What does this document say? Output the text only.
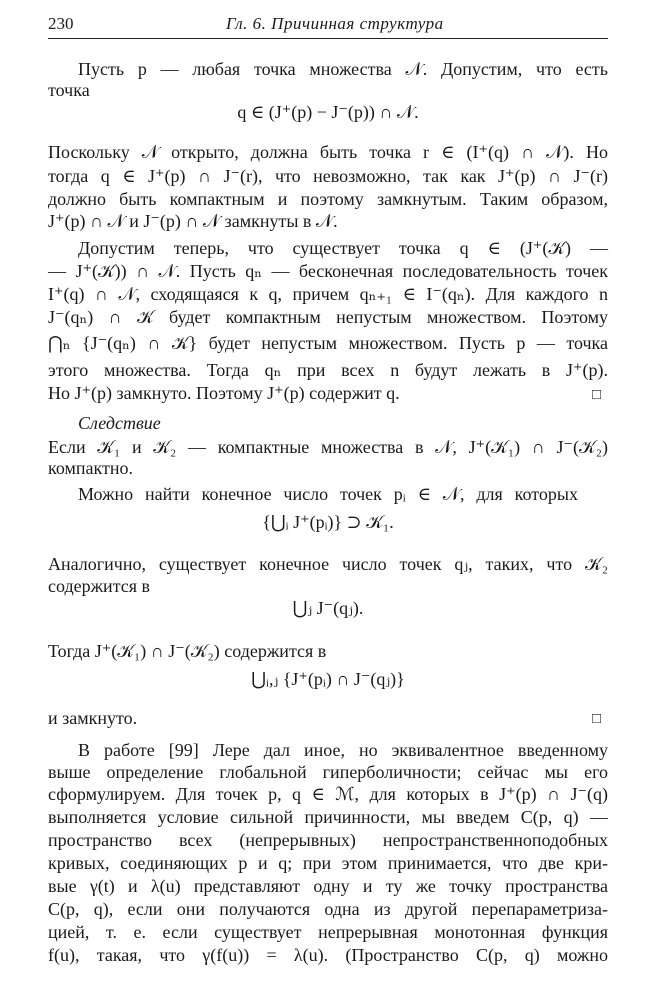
230	Гл. 6. Причинная структура
Пусть p — любая точка множества 𝒩. Допустим, что есть
точка
q ∈ (J⁺(p) − J⁻(p)) ∩ 𝒩.
Поскольку 𝒩 открыто, должна быть точка r ∈ (I⁺(q) ∩ 𝒩). Но
тогда q ∈ J⁺(p) ∩ J⁻(r), что невозможно, так как J⁺(p) ∩ J⁻(r)
должно быть компактным и поэтому замкнутым. Таким образом,
J⁺(p) ∩ 𝒩 и J⁻(p) ∩ 𝒩 замкнуты в 𝒩.
Допустим теперь, что существует точка q ∈ (J⁺(𝒦) —
— J⁺(𝒦)) ∩ 𝒩. Пусть qₙ — бесконечная последовательность точек
I⁺(q) ∩ 𝒩, сходящаяся к q, причем qₙ₊₁ ∈ I⁻(qₙ). Для каждого n
J⁻(qₙ) ∩ 𝒦 будет компактным непустым множеством. Поэтому
⋂ₙ {J⁻(qₙ) ∩ 𝒦} будет непустым множеством. Пусть p — точка
этого множества. Тогда qₙ при всех n будут лежать в J⁺(p).
Но J⁺(p) замкнуто. Поэтому J⁺(p) содержит q.	□
Следствие
Если 𝒦₁ и 𝒦₂ — компактные множества в 𝒩, J⁺(𝒦₁) ∩ J⁻(𝒦₂)
компактно.
Можно найти конечное число точек pᵢ ∈ 𝒩, для которых
{⋃ᵢ J⁺(pᵢ)} ⊃ 𝒦₁.
Аналогично, существует конечное число точек qⱼ, таких, что 𝒦₂
содержится в
⋃ⱼ J⁻(qⱼ).
Тогда J⁺(𝒦₁) ∩ J⁻(𝒦₂) содержится в
⋃ᵢ,ⱼ {J⁺(pᵢ) ∩ J⁻(qⱼ)}
и замкнуто.	□
В работе [99] Лере дал иное, но эквивалентное введенному
выше определение глобальной гиперболичности; сейчас мы его
сформулируем. Для точек p, q ∈ ℳ, для которых в J⁺(p) ∩ J⁻(q)
выполняется условие сильной причинности, мы введем C(p, q) —
пространство всех (непрерывных) непространственноподобных
кривых, соединяющих p и q; при этом принимается, что две кри-
вые γ(t) и λ(u) представляют одну и ту же точку пространства
C(p, q), если они получаются одна из другой перепараметриза-
цией, т. е. если существует непрерывная монотонная функция
f(u), такая, что γ(f(u)) = λ(u). (Пространство C(p, q) можно
